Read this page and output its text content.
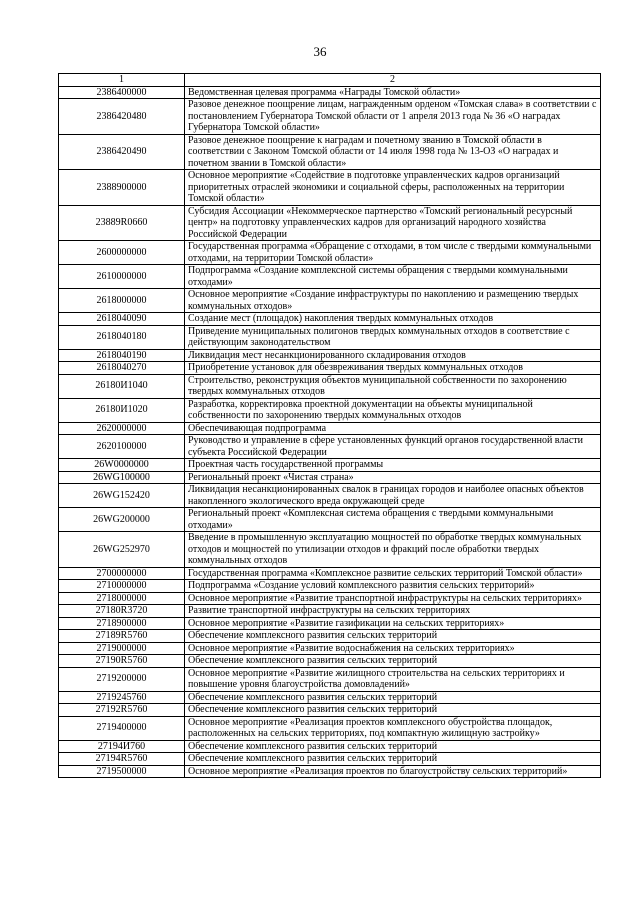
36
1	2
2386400000	Ведомственная целевая программа «Награды Томской области»
2386420480	Разовое денежное поощрение лицам, награжденным орденом «Томская слава» в соответствии с постановлением Губернатора Томской области от 1 апреля 2013 года № 36 «О наградах Губернатора Томской области»
2386420490	Разовое денежное поощрение к наградам и почетному званию в Томской области в соответствии с Законом Томской области от 14 июля 1998 года № 13-ОЗ «О наградах и почетном звании в Томской области»
2388900000	Основное мероприятие «Содействие в подготовке управленческих кадров организаций приоритетных отраслей экономики и социальной сферы, расположенных на территории Томской области»
23889R0660	Субсидия Ассоциации «Некоммерческое партнерство «Томский региональный ресурсный центр» на подготовку управленческих кадров для организаций народного хозяйства Российской Федерации
2600000000	Государственная программа «Обращение с отходами, в том числе с твердыми коммунальными отходами, на территории Томской области»
2610000000	Подпрограмма «Создание комплексной системы обращения с твердыми коммунальными отходами»
2618000000	Основное мероприятие «Создание инфраструктуры по накоплению и размещению твердых коммунальных отходов»
2618040090	Создание мест (площадок) накопления твердых коммунальных отходов
2618040180	Приведение муниципальных полигонов твердых коммунальных отходов в соответствие с действующим законодательством
2618040190	Ликвидация мест несанкционированного складирования отходов
2618040270	Приобретение установок для обезвреживания твердых коммунальных отходов
26180И1040	Строительство, реконструкция объектов муниципальной собственности по захоронению твердых коммунальных отходов
26180И1020	Разработка, корректировка проектной документации на объекты муниципальной собственности по захоронению твердых коммунальных отходов
2620000000	Обеспечивающая подпрограмма
2620100000	Руководство и управление в сфере установленных функций органов государственной власти субъекта Российской Федерации
26W0000000	Проектная часть государственной программы
26WG100000	Региональный проект «Чистая страна»
26WG152420	Ликвидация несанкционированных свалок в границах городов и наиболее опасных объектов накопленного экологического вреда окружающей среде
26WG200000	Региональный проект «Комплексная система обращения с твердыми коммунальными отходами»
26WG252970	Введение в промышленную эксплуатацию мощностей по обработке твердых коммунальных отходов и мощностей по утилизации отходов и фракций после обработки твердых коммунальных отходов
2700000000	Государственная программа «Комплексное развитие сельских территорий Томской области»
2710000000	Подпрограмма «Создание условий комплексного развития сельских территорий»
2718000000	Основное мероприятие «Развитие транспортной инфраструктуры на сельских территориях»
27180R3720	Развитие транспортной инфраструктуры на сельских территориях
2718900000	Основное мероприятие «Развитие газификации на сельских территориях»
27189R5760	Обеспечение комплексного развития сельских территорий
2719000000	Основное мероприятие «Развитие водоснабжения на сельских территориях»
27190R5760	Обеспечение комплексного развития сельских территорий
2719200000	Основное мероприятие «Развитие жилищного строительства на сельских территориях и повышение уровня благоустройства домовладений»
2719245760	Обеспечение комплексного развития сельских территорий
27192R5760	Обеспечение комплексного развития сельских территорий
2719400000	Основное мероприятие «Реализация проектов комплексного обустройства площадок, расположенных на сельских территориях, под компактную жилищную застройку»
27194И760	Обеспечение комплексного развития сельских территорий
27194R5760	Обеспечение комплексного развития сельских территорий
2719500000	Основное мероприятие «Реализация проектов по благоустройству сельских территорий»
